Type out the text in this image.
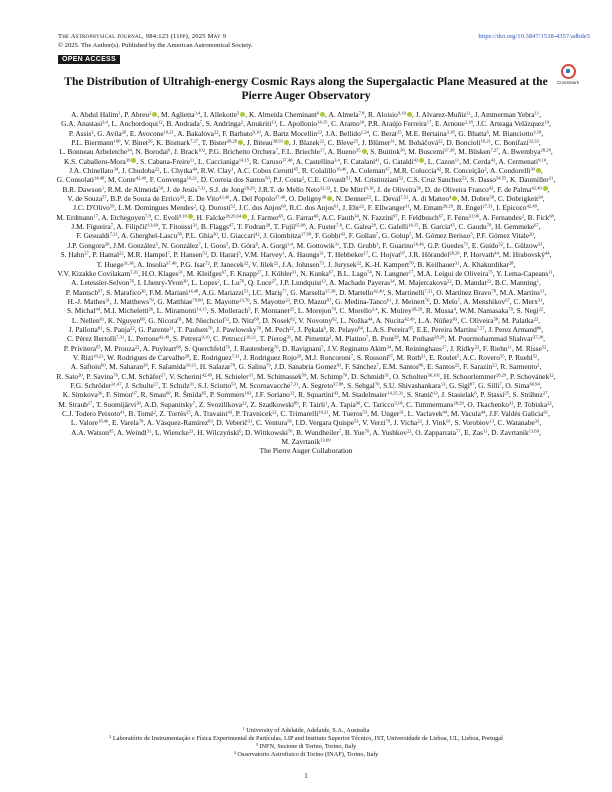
The Astrophysical Journal, 984:123 (11pp), 2025 May 9
© 2025. The Author(s). Published by the American Astronomical Society.
https://doi.org/10.3847/1538-4357/adbde5
OPEN ACCESS
CrossMark
The Distribution of Ultrahigh-energy Cosmic Rays along the Supergalactic Plane Measured at the Pierre Auger Observatory
A. Abdul Halim$^1$, P. Abreu$^2$ , M. Aglietta$^{3,4}$, I. Allekotte$^5$ , K. Almeida Cheminant$^6$ , A. Almela$^{7,8}$, R. Aloisio$^{9,10}$ , J. Alvarez-Muñiz$^{11}$, J. Ammerman Yebra$^{11}$, G.A. Anastasi$^{3,4}$, L. Anchordoqui$^{12}$, B. Andrada$^7$, S. Andringa$^2$, Anukriti$^{13}$, L. Apollonio$^{14,15}$, C. Aramo$^{16}$, P.R. Araújo Ferreira$^{17}$, E. Arnone$^{3,18}$, J.C. Arteaga Velázquez$^{19}$, P. Assis$^2$, G. Avila$^{20}$, E. Avocone$^{10,21}$, A. Bakalova$^{22}$, F. Barbato$^{9,10}$, A. Bartz Mocellin$^{23}$, J.A. Bellido$^{1,24}$, C. Berat$^{25}$, M.E. Bertaina$^{3,18}$, G. Bhatta$^6$, M. Bianciotto$^{3,18}$, P.L. Biermann$^{100}$, V. Binet$^{26}$, K. Bismark$^{7,27}$, T. Bister$^{28,29}$ , J. Biteau$^{30,93}$ , J. Blazek$^{22}$, C. Bleve$^{25}$, J. Blümer$^{31}$, M. Boháčová$^{22}$, D. Boncioli$^{10,21}$, C. Bonifazi$^{32,33}$, L. Bonneau Arbeletche$^{34}$, N. Borodai$^6$, J. Brack$^{102}$, P.G. Brichetto Orchera$^7$, F.L. Briechle$^{17}$, A. Bueno$^{35}$ , S. Buitink$^{36}$, M. Buscemi$^{37,38}$, M. Büsken$^{7,27}$, A. Bwembya$^{28,29}$, K.S. Caballero-Mora$^{39}$ , S. Cabana-Freire$^{11}$, L. Caccianiga$^{14,15}$, R. Caruso$^{37,40}$, A. Castellina$^{3,4}$, F. Catalani$^{41}$, G. Cataldi$^{42}$ , L. Cazon$^{11}$, M. Cerda$^{43}$, A. Cermenati$^{9,10}$, J.A. Chinellato$^{34}$, J. Chudoba$^{22}$, L. Chytka$^{44}$, R.W. Clay$^1$, A.C. Cobos Cerutti$^{45}$, R. Colalillo$^{16,46}$, A. Coleman$^{47}$, M.R. Coluccia$^{42}$, R. Conceição$^2$, A. Condorelli$^{30}$ , G. Consolati$^{14,48}$, M. Conte$^{42,49}$, F. Convenga$^{10,21}$, D. Correia dos Santos$^{50}$, P.J. Costa$^2$, C.E. Covault$^{51}$, M. Cristinziani$^{52}$, C.S. Cruz Sanchez$^{53}$, S. Dasso$^{54,55}$, K. Daumiller$^{31}$, B.R. Dawson$^1$, R.M. de Almeida$^{50}$, J. de Jesús$^{7,31}$, S.J. de Jong$^{28,29}$, J.R.T. de Mello Neto$^{32,33}$, I. De Mitri$^{9,10}$, J. de Oliveira$^{56}$, D. de Oliveira Franco$^{42}$, F. de Palma$^{42,49}$ , V. de Souza$^{57}$, B.P. de Souza de Errico$^{33}$, E. De Vito$^{42,49}$, A. Del Popolo$^{37,40}$, O. Deligny$^{30}$ , N. Denner$^{22}$, L. Deval$^{7,31}$, A. di Matteo$^4$ , M. Dobre$^{58}$, C. Dobrigkeit$^{34}$, J.C. D'Olivo$^{59}$, L.M. Domingues Mendes$^2$, Q. Dorosti$^{52}$, J.C. dos Anjos$^{60}$, R.C. dos Anjos$^{61}$, J. Ebr$^{22}$, F. Ellwanger$^{31}$, M. Emam$^{28,29}$, R. Engel$^{27,31}$, I. Epicoco$^{42,49}$, M. Erdmann$^{17}$, A. Etchegoyen$^{7,8}$, C. Evoli$^{9,10}$ , H. Falcke$^{28,29,64}$ , J. Farmer$^{65}$, G. Farrar$^{66}$, A.C. Fauth$^{34}$, N. Fazzini$^{97}$, F. Feldbusch$^{67}$, F. Fenu$^{31,96}$, A. Fernandes$^2$, B. Fick$^{68}$, J.M. Figueira$^7$, A. Filipčič$^{13,69}$, T. Fitoussi$^{31}$, B. Flaggs$^{47}$, T. Fodran$^{28}$, T. Fujii$^{65,98}$, A. Fuster$^{7,8}$, C. Galea$^{28}$, C. Galelli$^{14,15}$, B. García$^{45}$, C. Gaudu$^{70}$, H. Gemmeke$^{67}$, F. Gesualdi$^{7,31}$, A. Gherghel-Lascu$^{58}$, P.L. Ghia$^{30}$, U. Giaccari$^{42}$, J. Glombitza$^{17,99}$, F. Gobbi$^{43}$, F. Gollan$^7$, G. Golup$^5$, M. Gómez Berisso$^5$, P.F. Gómez Vitale$^{20}$, J.P. Gongora$^{20}$, J.M. González$^5$, N. González$^7$, I. Goos$^5$, D. Góra$^6$, A. Gorgi$^{3,4}$, M. Gottowik$^{31}$, T.D. Grubb$^1$, F. Guarino$^{16,46}$, G.P. Guedes$^{71}$, E. Guido$^{52}$, L. Gülzow$^{31}$, S. Hahn$^{27}$, P. Hamal$^{22}$, M.R. Hampel$^7$, P. Hansen$^{53}$, D. Harari$^5$, V.M. Harvey$^1$, A. Haungs$^{31}$, T. Hebbeker$^{17}$, C. Hojvat$^{97}$, J.R. Hörandel$^{28,29}$, P. Horvath$^{44}$, M. Hrabovský$^{44}$, T. Huege$^{31,36}$, A. Insolia$^{37,40}$, P.G. Isar$^{72}$, P. Janecek$^{22}$, V. Jilek$^{22}$, J.A. Johnsen$^{73}$, J. Jurysek$^{22}$, K.-H. Kampert$^{70}$, B. Keilhauer$^{31}$, A. Khakurdikar$^{28}$, V.V. Kizakke Covilakam$^{7,31}$, H.O. Klages$^{31}$, M. Kleifges$^{67}$, F. Knapp$^{27}$, J. Köhler$^{31}$, N. Kunka$^{67}$, B.L. Lago$^{74}$, N. Langner$^{17}$, M.A. Leigui de Oliveira$^{75}$, Y. Lema-Capeans$^{11}$, A. Letessier-Selvon$^{76}$, I. Lhenry-Yvon$^{30}$, L. Lopes$^2$, L. Lu$^{76}$, Q. Luce$^{27}$, J.P. Lundquist$^{13}$, A. Machado Payeras$^{34}$, M. Majercakova$^{22}$, D. Mandat$^{22}$, B.C. Manning$^1$, P. Mantsch$^{97}$, S. Marafico$^{30}$, F.M. Mariani$^{14,48}$, A.G. Mariazzi$^{53}$, I.C. Mariş$^{77}$, G. Marsella$^{37,38}$, D. Martello$^{42,49}$, S. Martinelli$^{7,31}$, O. Martínez Bravo$^{78}$, M.A. Martins$^{11}$, H.-J. Mathes$^{31}$, J. Matthews$^{79}$, G. Matthiae$^{79,80}$, E. Mayotte$^{23,70}$, S. Mayotte$^{23}$, P.O. Mazur$^{97}$, G. Medina-Tanco$^{61}$, J. Meinert$^{70}$, D. Melo$^7$, A. Menshikov$^{67}$, C. Merx$^{31}$, S. Michal$^{44}$, M.I. Micheletti$^{26}$, L. Miramonti$^{14,15}$, S. Mollerach$^5$, F. Montanet$^{25}$, L. Morejon$^{70}$, C. Morello$^{3,4}$, K. Mulrey$^{28,29}$, R. Mussa$^4$, W.M. Namasaka$^{70}$, S. Negi$^{22}$, L. Nellen$^{61}$, K. Nguyen$^{68}$, G. Nicora$^{81}$, M. Niechciol$^{52}$, D. Nitz$^{68}$, D. Nosek$^{82}$, V. Novotny$^{82}$, L. Nožka$^{44}$, A. Nucita$^{42,49}$, L.A. Núñez$^{83}$, C. Oliveira$^{58}$, M. Palatka$^{22}$, J. Pallotta$^{81}$, S. Panja$^{22}$, G. Parente$^{11}$, T. Paulsen$^{70}$, J. Pawlowsky$^{70}$, M. Pech$^{22}$, J. Pękala$^6$, R. Pelayo$^{84}$, L.A.S. Pereira$^{85}$, E.E. Pereira Martins$^{7,27}$, J. Perez Armand$^{86}$, C. Pérez Bertolli$^{7,31}$, L. Perrone$^{42,49}$, S. Petrera$^{9,10}$, C. Petrucci$^{10,21}$, T. Pierog$^{31}$, M. Pimenta$^2$, M. Platino$^7$, B. Pont$^{28}$, M. Pothast$^{28,29}$, M. Pourmohammad Shahvar$^{37,38}$, P. Privitera$^{65}$, M. Prouza$^{22}$, A. Puyleart$^{68}$, S. Querchfeld$^{70}$, J. Rautenberg$^{70}$, D. Ravignani$^7$, J.V. Reginatto Akim$^{34}$, M. Reininghaus$^{27}$, J. Ridky$^{22}$, F. Riehn$^{11}$, M. Risse$^{52}$, V. Rizi$^{10,21}$, W. Rodrigues de Carvalho$^{28}$, E. Rodriguez$^{7,31}$, J. Rodriguez Rojo$^{20}$, M.J. Roncoroni$^7$, S. Rossoni$^{87}$, M. Roth$^{31}$, E. Roulet$^5$, A.C. Rovero$^{55}$, P. Ruehl$^{52}$, A. Saftoiu$^{60}$, M. Saharan$^{28}$, F. Salamida$^{10,21}$, H. Salazar$^{78}$, G. Salina$^{79}$, J.D. Sanabria Gomez$^{83}$, F. Sánchez$^7$, E.M. Santos$^{86}$, E. Santos$^{22}$, F. Sarazin$^{23}$, R. Sarmento$^2$, R. Sato$^{20}$, P. Savina$^{76}$, C.M. Schäfer$^{27}$, V. Scherini$^{42,49}$, H. Schieler$^{31}$, M. Schimassek$^{59}$, M. Schimp$^{70}$, D. Schmidt$^{31}$, O. Scholten$^{36,101}$, H. Schoorlemmer$^{28,29}$, P. Schovánek$^{22}$, F.G. Schröder$^{31,47}$, J. Schulte$^{17}$, T. Schulz$^{31}$, S.J. Sciutto$^{53}$, M. Scornavacche$^{7,31}$, A. Segreto$^{37,88}$, S. Sehgal$^{70}$, S.U. Shivashankara$^{13}$, G. Sigl$^{87}$, G. Silli$^7$, O. Sima$^{60,94}$, K. Simkova$^{36}$, F. Simon$^{67}$, R. Smau$^{60}$, R. Šmída$^{65}$, P. Sommers$^{103}$, J.F. Soriano$^{12}$, R. Squartini$^{43}$, M. Stadelmaier$^{14,15,31}$, S. Stanič$^{13}$, J. Stasielak$^6$, P. Stassi$^{25}$, S. Strähnz$^{27}$, M. Straub$^{17}$, T. Suomijärvi$^{30}$, A.D. Supanitsky$^7$, Z. Svozilikova$^{22}$, Z. Szadkowski$^{89}$, F. Tairli$^1$, A. Tapia$^{90}$, C. Taricco$^{3,18}$, C. Timmermans$^{28,29}$, O. Tkachenko$^{31}$, P. Tobiska$^{22}$, C.J. Todero Peixoto$^{41}$, B. Tomé$^2$, Z. Torrès$^{25}$, A. Travaini$^{43}$, P. Travnicek$^{22}$, C. Trimarelli$^{10,21}$, M. Tueros$^{53}$, M. Unger$^{31}$, L. Vaclavek$^{44}$, M. Vacula$^{44}$, J.F. Valdés Galicia$^{61}$, L. Valore$^{16,46}$, E. Varela$^{78}$, A. Vásquez-Ramírez$^{83}$, D. Veberič$^{31}$, C. Ventura$^{56}$, I.D. Vergara Quispe$^{53}$, V. Verzi$^{79}$, J. Vicha$^{22}$, J. Vink$^{91}$, S. Vorobiov$^{13}$, C. Watanabe$^{33}$, A.A. Watson$^{95}$, A. Weindl$^{31}$, L. Wiencke$^{23}$, H. Wilczyński$^6$, D. Wittkowski$^{70}$, B. Wundheiler$^7$, B. Yue$^{70}$, A. Yushkov$^{22}$, O. Zapparrata$^{77}$, E. Zas$^{11}$, D. Zavrtanik$^{13,69}$, M. Zavrtanik$^{13,69}$
The Pierre Auger Collaboration
$^1$ University of Adelaide, Adelaide, S.A., Australia
$^2$ Laboratório de Instrumentação e Física Experimental de Partículas, LIP and Instituto Superior Técnico, IST, Universidade de Lisboa, UL, Lisboa, Portugal
$^3$ INFN, Sezione di Torino, Torino, Italy
$^4$ Osservatorio Astrofisico di Torino (INAF), Torino, Italy
1
